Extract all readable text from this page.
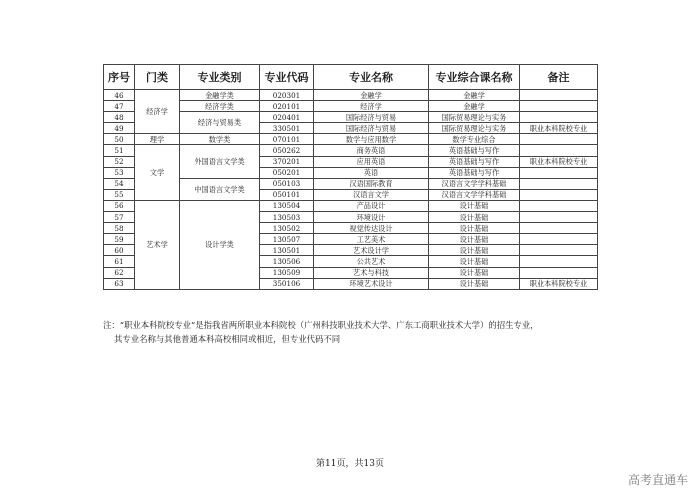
序号	门类	专业类别	专业代码	专业名称	专业综合课名称	备注
46	经济学	金融学类	020301	金融学	金融学	
47		经济学类	020101	经济学	金融学	
48		经济与贸易类	020401	国际经济与贸易	国际贸易理论与实务	
49			330501	国际经济与贸易	国际贸易理论与实务	职业本科院校专业
50	理学	数学类	070101	数学与应用数学	数学专业综合	
51	文学	外国语言文学类	050262	商务英语	英语基础与写作	
52			370201	应用英语	英语基础与写作	职业本科院校专业
53			050201	英语	英语基础与写作	
54		中国语言文学类	050103	汉语国际教育	汉语言文学学科基础	
55			050101	汉语言文学	汉语言文学学科基础	
56	艺术学	设计学类	130504	产品设计	设计基础	
57			130503	环境设计	设计基础	
58			130502	视觉传达设计	设计基础	
59			130507	工艺美术	设计基础	
60			130501	艺术设计学	设计基础	
61			130506	公共艺术	设计基础	
62			130509	艺术与科技	设计基础	
63			350106	环境艺术设计	设计基础	职业本科院校专业
注：“职业本科院校专业”是指我省两所职业本科院校（广州科技职业技术大学、广东工商职业技术大学）的招生专业，
其专业名称与其他普通本科高校相同或相近，但专业代码不同
第11页，共13页
高考直通车
